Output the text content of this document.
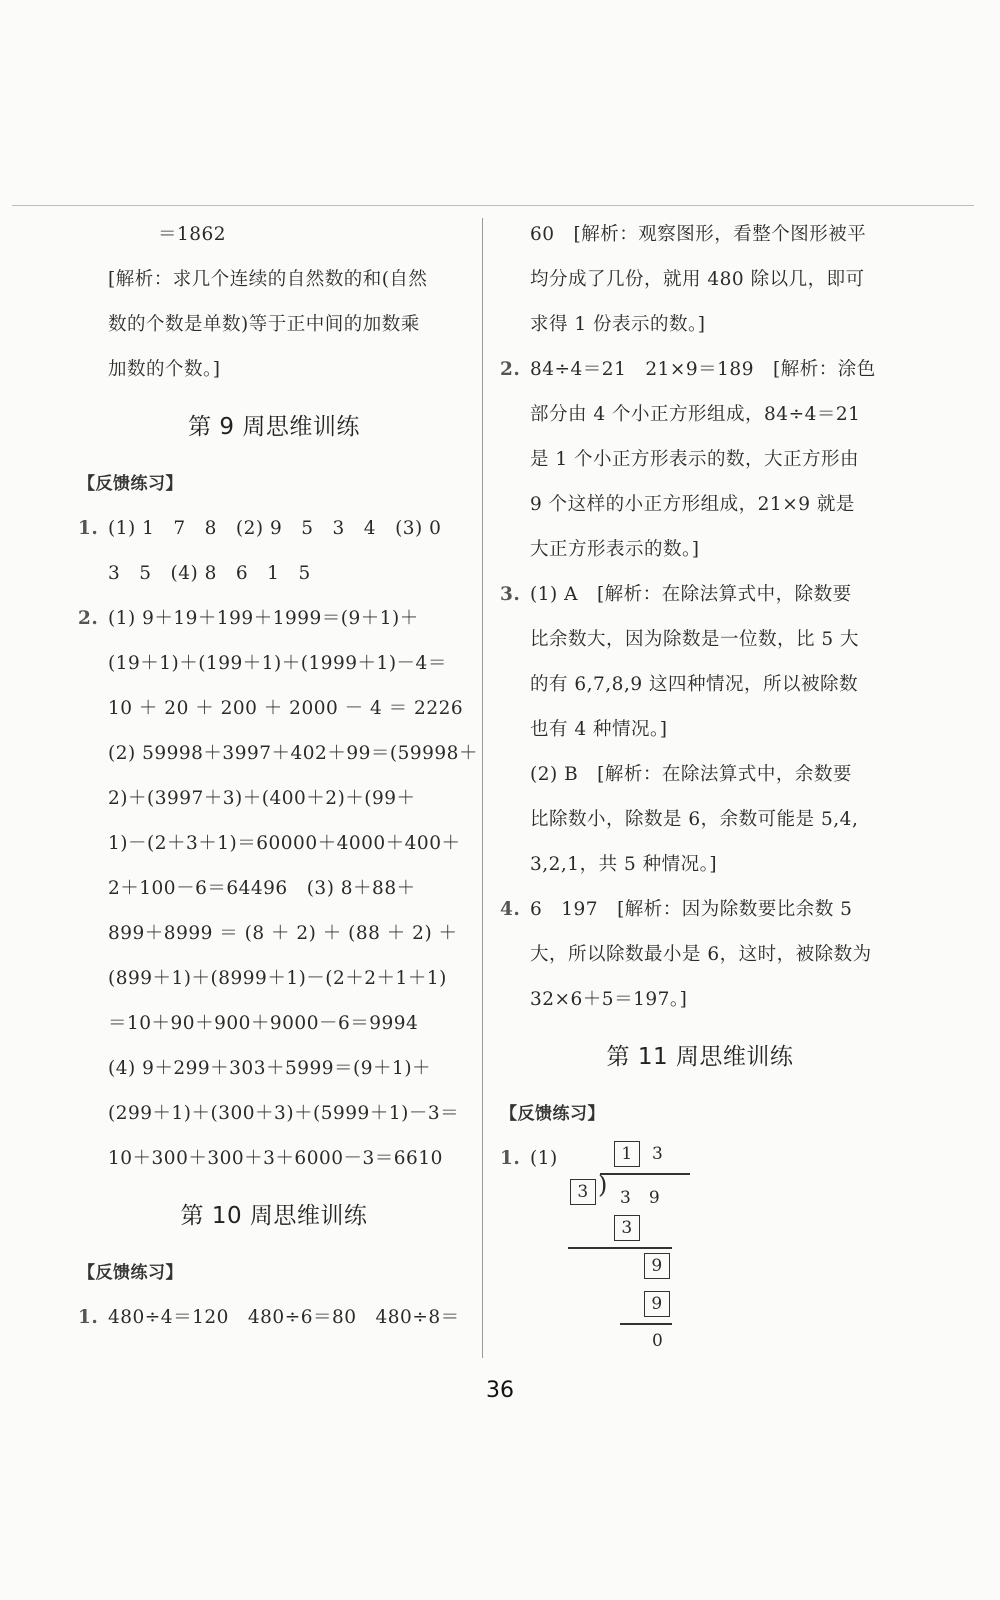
＝1862
[解析：求几个连续的自然数的和(自然
数的个数是单数)等于正中间的加数乘
加数的个数。]
第 9 周思维训练
【反馈练习】
1. (1) 1　7　8　(2) 9　5　3　4　(3) 0
3　5　(4) 8　6　1　5
2. (1) 9＋19＋199＋1999＝(9＋1)＋
(19＋1)＋(199＋1)＋(1999＋1)－4＝
10 ＋ 20 ＋ 200 ＋ 2000 － 4 ＝ 2226
(2) 59998＋3997＋402＋99＝(59998＋
2)＋(3997＋3)＋(400＋2)＋(99＋
1)－(2＋3＋1)＝60000＋4000＋400＋
2＋100－6＝64496　(3) 8＋88＋
899＋8999 ＝ (8 ＋ 2) ＋ (88 ＋ 2) ＋
(899＋1)＋(8999＋1)－(2＋2＋1＋1)
＝10＋90＋900＋9000－6＝9994
(4) 9＋299＋303＋5999＝(9＋1)＋
(299＋1)＋(300＋3)＋(5999＋1)－3＝
10＋300＋300＋3＋6000－3＝6610
第 10 周思维训练
【反馈练习】
1. 480÷4＝120　480÷6＝80　480÷8＝
60　[解析：观察图形，看整个图形被平
均分成了几份，就用 480 除以几，即可
求得 1 份表示的数。]
2. 84÷4＝21　21×9＝189　[解析：涂色
部分由 4 个小正方形组成，84÷4＝21
是 1 个小正方形表示的数，大正方形由
9 个这样的小正方形组成，21×9 就是
大正方形表示的数。]
3. (1) A　[解析：在除法算式中，除数要
比余数大，因为除数是一位数，比 5 大
的有 6,7,8,9 这四种情况，所以被除数
也有 4 种情况。]
(2) B　[解析：在除法算式中，余数要
比除数小，除数是 6，余数可能是 5,4,
3,2,1，共 5 种情况。]
4. 6　197　[解析：因为除数要比余数 5
大，所以除数最小是 6，这时，被除数为
32×6＋5＝197。]
第 11 周思维训练
【反馈练习】
1. (1)	1	3
3 ) 3　9
3
9
9
0
36
